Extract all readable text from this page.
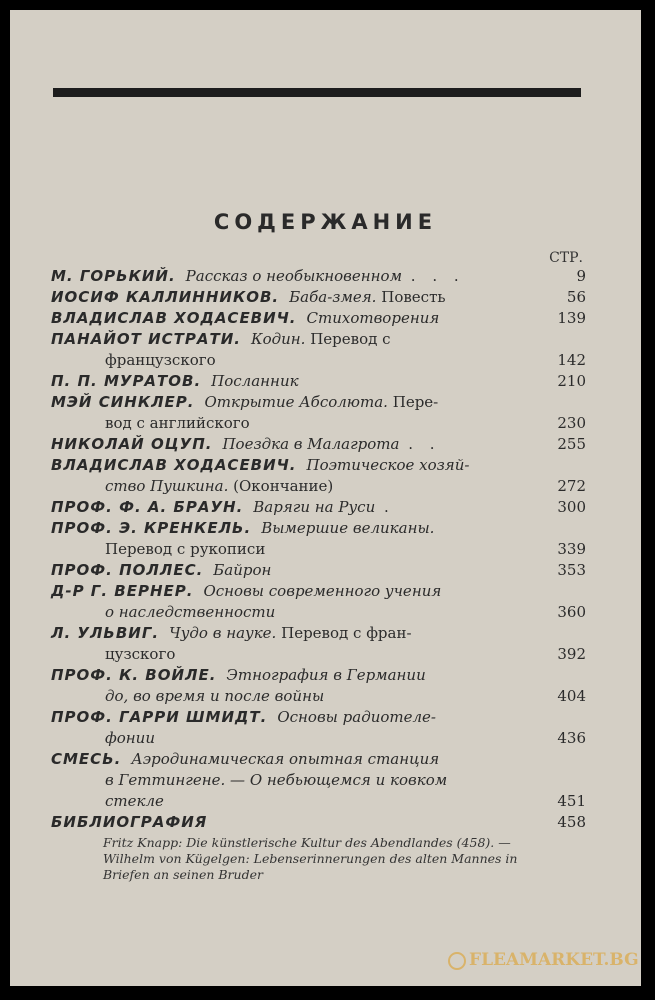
СОДЕРЖАНИЕ
СТР.
М. ГОРЬКИЙ. Рассказ о необыкновенном . . .	9
ИОСИФ КАЛЛИННИКОВ. Баба-змея. Повесть	56
ВЛАДИСЛАВ ХОДАСЕВИЧ. Стихотворения	139
ПАНАЙОТ ИСТРАТИ. Кодин. Перевод с
французского	142
П. П. МУРАТОВ. Посланник	210
МЭЙ СИНКЛЕР. Открытие Абсолюта. Пере-
вод с английского	230
НИКОЛАЙ ОЦУП. Поездка в Малагрота . .	255
ВЛАДИСЛАВ ХОДАСЕВИЧ. Поэтическое хозяй-
ство Пушкина. (Окончание)	272
ПРОФ. Ф. А. БРАУН. Варяги на Руси .	300
ПРОФ. Э. КРЕНКЕЛЬ. Вымершие великаны.
Перевод с рукописи	339
ПРОФ. ПОЛЛЕС. Байрон	353
Д-Р Г. ВЕРНЕР. Основы современного учения
о наследственности	360
Л. УЛЬВИГ. Чудо в науке. Перевод с фран-
цузского	392
ПРОФ. К. ВОЙЛЕ. Этнография в Германии
до, во время и после войны	404
ПРОФ. ГАРРИ ШМИДТ. Основы радиотеле-
фонии	436
СМЕСЬ. Аэродинамическая опытная станция
в Геттингене. — О небьющемся и ковком
стекле	451
БИБЛИОГРАФИЯ	458
Fritz Knapp: Die künstlerische Kultur des Abendlandes (458). — Wilhelm von Kügelgen: Lebenserinnerungen des alten Mannes in Briefen an seinen Bruder
FLEAMARKET.BG
